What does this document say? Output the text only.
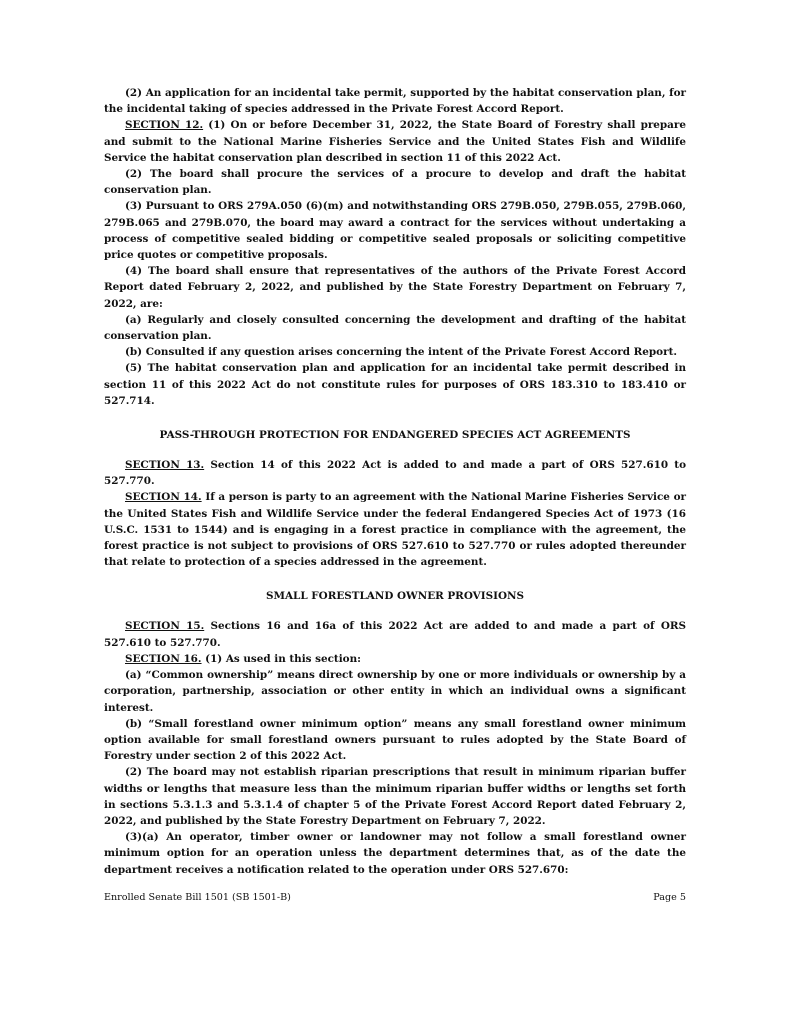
(2) An application for an incidental take permit, supported by the habitat conservation plan, for the incidental taking of species addressed in the Private Forest Accord Report.

SECTION 12. (1) On or before December 31, 2022, the State Board of Forestry shall prepare and submit to the National Marine Fisheries Service and the United States Fish and Wildlife Service the habitat conservation plan described in section 11 of this 2022 Act.

(2) The board shall procure the services of a procure to develop and draft the habitat conservation plan.

(3) Pursuant to ORS 279A.050 (6)(m) and notwithstanding ORS 279B.050, 279B.055, 279B.060, 279B.065 and 279B.070, the board may award a contract for the services without undertaking a process of competitive sealed bidding or competitive sealed proposals or soliciting competitive price quotes or competitive proposals.

(4) The board shall ensure that representatives of the authors of the Private Forest Accord Report dated February 2, 2022, and published by the State Forestry Department on February 7, 2022, are:

(a) Regularly and closely consulted concerning the development and drafting of the habitat conservation plan.

(b) Consulted if any question arises concerning the intent of the Private Forest Accord Report.

(5) The habitat conservation plan and application for an incidental take permit described in section 11 of this 2022 Act do not constitute rules for purposes of ORS 183.310 to 183.410 or 527.714.

PASS-THROUGH PROTECTION FOR ENDANGERED SPECIES ACT AGREEMENTS

SECTION 13. Section 14 of this 2022 Act is added to and made a part of ORS 527.610 to 527.770.

SECTION 14. If a person is party to an agreement with the National Marine Fisheries Service or the United States Fish and Wildlife Service under the federal Endangered Species Act of 1973 (16 U.S.C. 1531 to 1544) and is engaging in a forest practice in compliance with the agreement, the forest practice is not subject to provisions of ORS 527.610 to 527.770 or rules adopted thereunder that relate to protection of a species addressed in the agreement.

SMALL FORESTLAND OWNER PROVISIONS

SECTION 15. Sections 16 and 16a of this 2022 Act are added to and made a part of ORS 527.610 to 527.770.

SECTION 16. (1) As used in this section:

(a) “Common ownership” means direct ownership by one or more individuals or ownership by a corporation, partnership, association or other entity in which an individual owns a significant interest.

(b) “Small forestland owner minimum option” means any small forestland owner minimum option available for small forestland owners pursuant to rules adopted by the State Board of Forestry under section 2 of this 2022 Act.

(2) The board may not establish riparian prescriptions that result in minimum riparian buffer widths or lengths that measure less than the minimum riparian buffer widths or lengths set forth in sections 5.3.1.3 and 5.3.1.4 of chapter 5 of the Private Forest Accord Report dated February 2, 2022, and published by the State Forestry Department on February 7, 2022.

(3)(a) An operator, timber owner or landowner may not follow a small forestland owner minimum option for an operation unless the department determines that, as of the date the department receives a notification related to the operation under ORS 527.670:

Enrolled Senate Bill 1501 (SB 1501-B)	Page 5
